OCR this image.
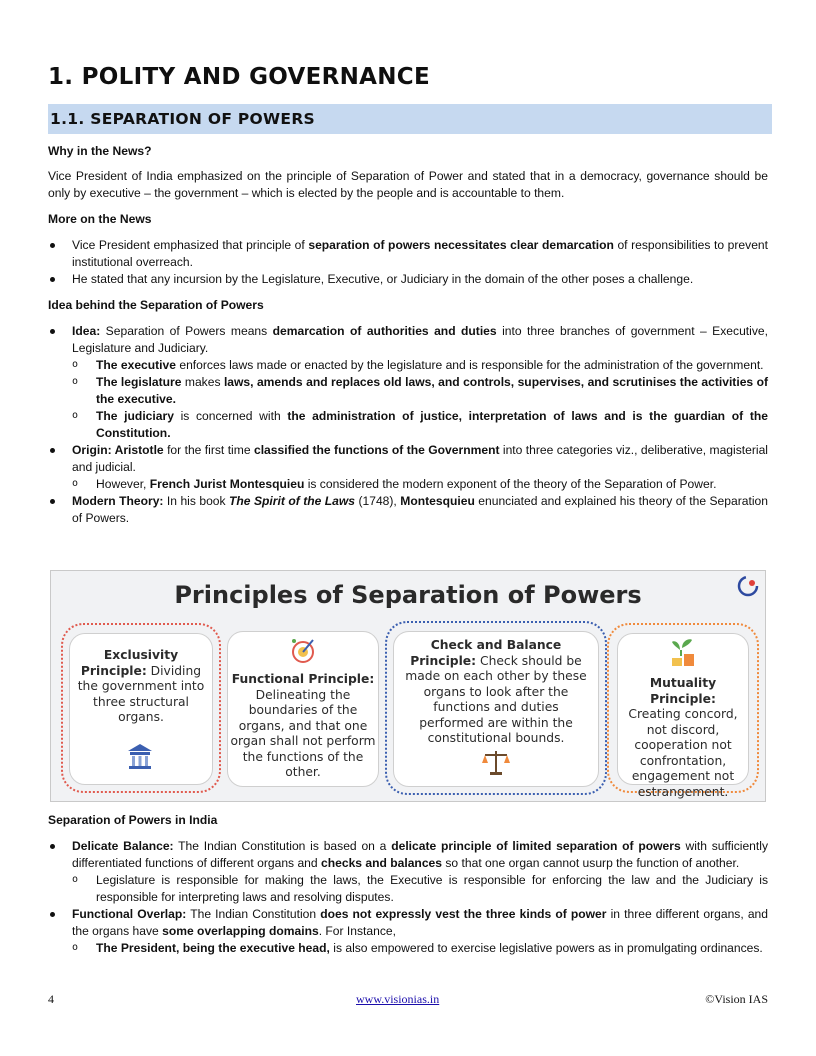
1. POLITY AND GOVERNANCE
1.1. SEPARATION OF POWERS

Why in the News?

Vice President of India emphasized on the principle of Separation of Power and stated that in a democracy, governance should be only by executive – the government – which is elected by the people and is accountable to them.

More on the News

Vice President emphasized that principle of separation of powers necessitates clear demarcation of responsibilities to prevent institutional overreach.
He stated that any incursion by the Legislature, Executive, or Judiciary in the domain of the other poses a challenge.

Idea behind the Separation of Powers

Idea: Separation of Powers means demarcation of authorities and duties into three branches of government – Executive, Legislature and Judiciary.
o The executive enforces laws made or enacted by the legislature and is responsible for the administration of the government.
o The legislature makes laws, amends and replaces old laws, and controls, supervises, and scrutinises the activities of the executive.
o The judiciary is concerned with the administration of justice, interpretation of laws and is the guardian of the Constitution.
Origin: Aristotle for the first time classified the functions of the Government into three categories viz., deliberative, magisterial and judicial.
o However, French Jurist Montesquieu is considered the modern exponent of the theory of the Separation of Power.
Modern Theory: In his book The Spirit of the Laws (1748), Montesquieu enunciated and explained his theory of the Separation of Powers.
Principles of Separation of Powers
Exclusivity Principle: Dividing the government into three structural organs.
Functional Principle:
Delineating the boundaries of the organs, and that one organ shall not perform the functions of the other.
Check and Balance Principle: Check should be made on each other by these organs to look after the functions and duties performed are within the constitutional bounds.
Mutuality Principle:
Creating concord, not discord, cooperation not confrontation, engagement not estrangement.

Separation of Powers in India

Delicate Balance: The Indian Constitution is based on a delicate principle of limited separation of powers with sufficiently differentiated functions of different organs and checks and balances so that one organ cannot usurp the function of another.
o Legislature is responsible for making the laws, the Executive is responsible for enforcing the law and the Judiciary is responsible for interpreting laws and resolving disputes.
Functional Overlap: The Indian Constitution does not expressly vest the three kinds of power in three different organs, and the organs have some overlapping domains. For Instance,
o The President, being the executive head, is also empowered to exercise legislative powers as in promulgating ordinances.
4	www.visionias.in	©Vision IAS
